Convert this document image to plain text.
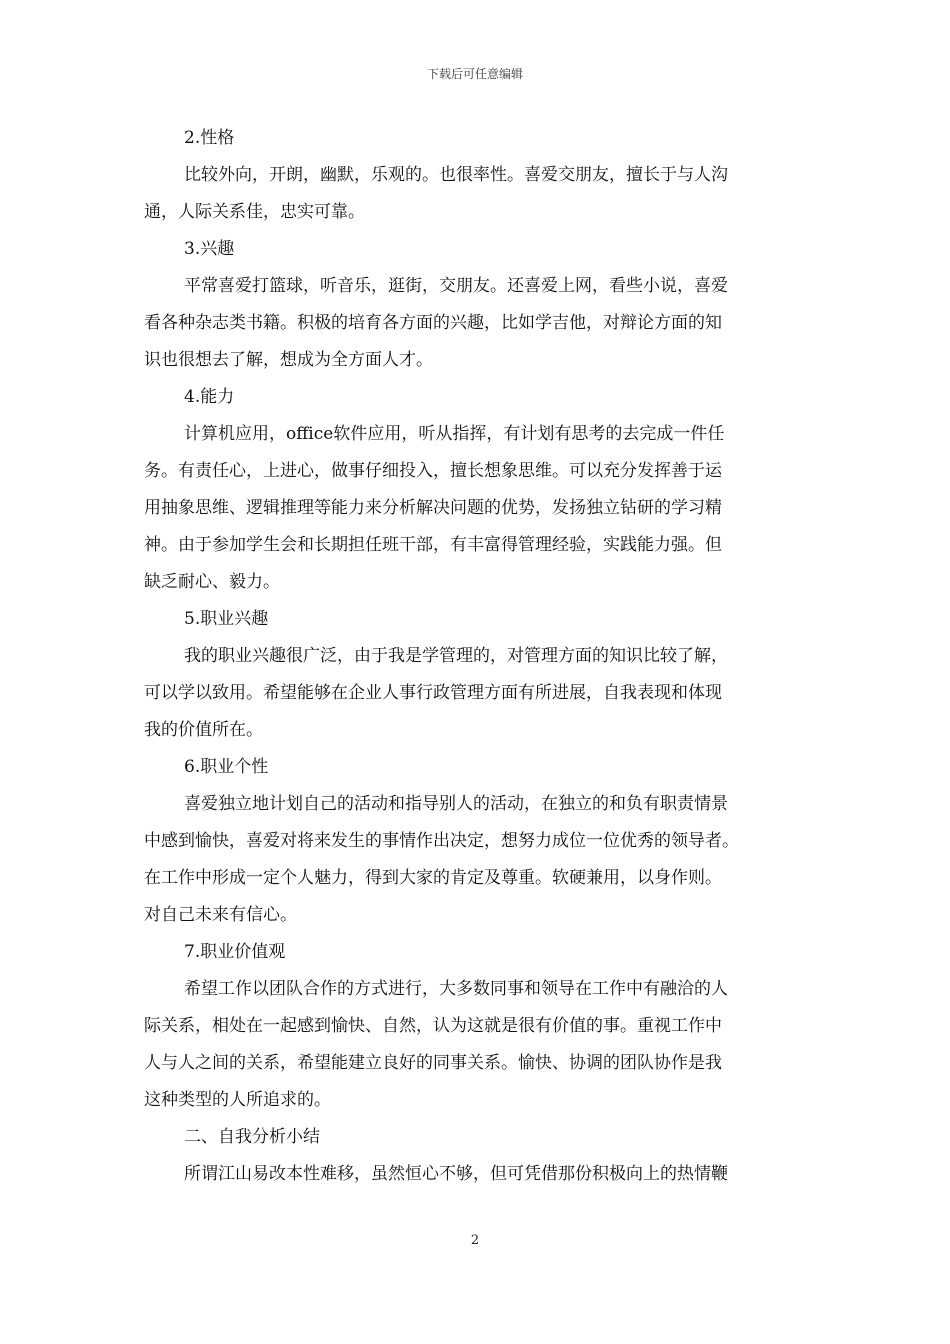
下载后可任意编辑
2.性格
比较外向，开朗，幽默，乐观的。也很率性。喜爱交朋友，擅长于与人沟
通，人际关系佳，忠实可靠。
3.兴趣
平常喜爱打篮球，听音乐，逛街，交朋友。还喜爱上网，看些小说，喜爱
看各种杂志类书籍。积极的培育各方面的兴趣，比如学吉他，对辩论方面的知
识也很想去了解，想成为全方面人才。
4.能力
计算机应用，office软件应用，听从指挥，有计划有思考的去完成一件任
务。有责任心，上进心，做事仔细投入，擅长想象思维。可以充分发挥善于运
用抽象思维、逻辑推理等能力来分析解决问题的优势，发扬独立钻研的学习精
神。由于参加学生会和长期担任班干部，有丰富得管理经验，实践能力强。但
缺乏耐心、毅力。
5.职业兴趣
我的职业兴趣很广泛，由于我是学管理的，对管理方面的知识比较了解，
可以学以致用。希望能够在企业人事行政管理方面有所进展，自我表现和体现
我的价值所在。
6.职业个性
喜爱独立地计划自己的活动和指导别人的活动，在独立的和负有职责情景
中感到愉快，喜爱对将来发生的事情作出决定，想努力成位一位优秀的领导者。
在工作中形成一定个人魅力，得到大家的肯定及尊重。软硬兼用，以身作则。
对自己未来有信心。
7.职业价值观
希望工作以团队合作的方式进行，大多数同事和领导在工作中有融洽的人
际关系，相处在一起感到愉快、自然，认为这就是很有价值的事。重视工作中
人与人之间的关系，希望能建立良好的同事关系。愉快、协调的团队协作是我
这种类型的人所追求的。
二、自我分析小结
所谓江山易改本性难移，虽然恒心不够，但可凭借那份积极向上的热情鞭
2
